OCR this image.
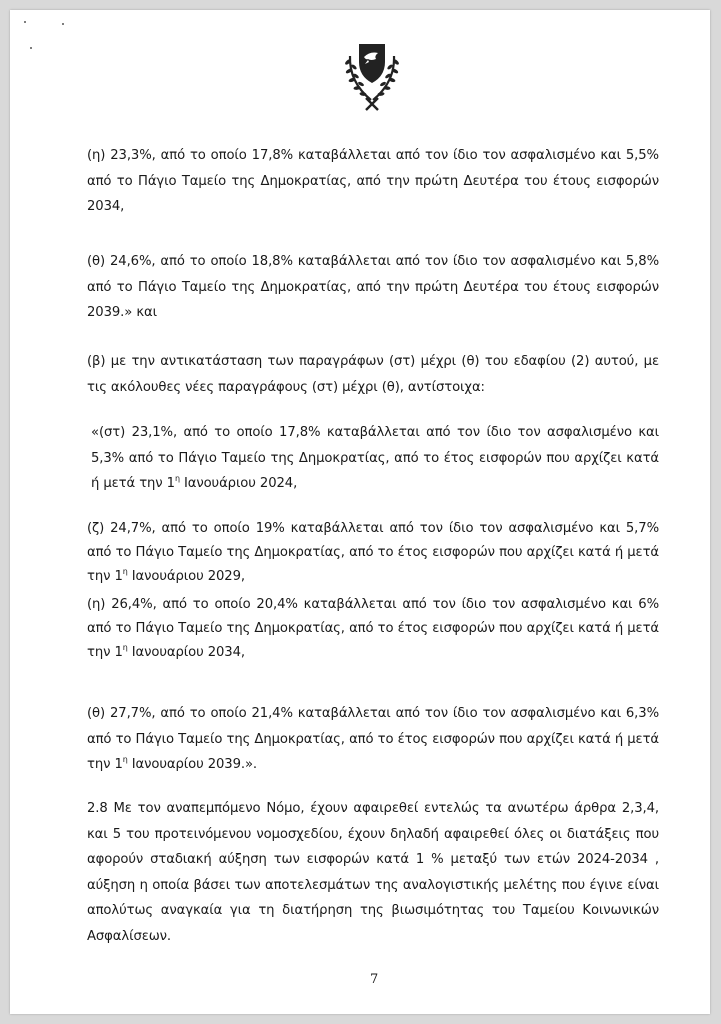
(η) 23,3%, από το οποίο 17,8% καταβάλλεται από τον ίδιο τον ασφαλισμένο και 5,5% από το Πάγιο Ταμείο της Δημοκρατίας, από την πρώτη Δευτέρα του έτους εισφορών 2034,

(θ) 24,6%, από το οποίο 18,8% καταβάλλεται από τον ίδιο τον ασφαλισμένο και 5,8% από το Πάγιο Ταμείο της Δημοκρατίας, από την πρώτη Δευτέρα του έτους εισφορών 2039.» και

(β) με την αντικατάσταση των παραγράφων (στ) μέχρι (θ) του εδαφίου (2) αυτού, με τις ακόλουθες νέες παραγράφους (στ) μέχρι (θ), αντίστοιχα:

«(στ) 23,1%, από το οποίο 17,8% καταβάλλεται από τον ίδιο τον ασφαλισμένο και 5,3% από το Πάγιο Ταμείο της Δημοκρατίας, από το έτος εισφορών που αρχίζει κατά ή μετά την $1^\eta$ Ιανουάριου 2024,

(ζ) 24,7%, από το οποίο 19% καταβάλλεται από τον ίδιο τον ασφαλισμένο και 5,7% από το Πάγιο Ταμείο της Δημοκρατίας, από το έτος εισφορών που αρχίζει κατά ή μετά την $1^\eta$ Ιανουάριου 2029,

(η) 26,4%, από το οποίο 20,4% καταβάλλεται από τον ίδιο τον ασφαλισμένο και 6% από το Πάγιο Ταμείο της Δημοκρατίας, από το έτος εισφορών που αρχίζει κατά ή μετά την $1^\eta$ Ιανουαρίου 2034,

(θ) 27,7%, από το οποίο 21,4% καταβάλλεται από τον ίδιο τον ασφαλισμένο και 6,3% από το Πάγιο Ταμείο της Δημοκρατίας, από το έτος εισφορών που αρχίζει κατά ή μετά την $1^\eta$ Ιανουαρίου 2039.».

2.8 Με τον αναπεμπόμενο Νόμο, έχουν αφαιρεθεί εντελώς τα ανωτέρω άρθρα 2,3,4, και 5 του προτεινόμενου νομοσχεδίου, έχουν δηλαδή αφαιρεθεί όλες οι διατάξεις που αφορούν σταδιακή αύξηση των εισφορών κατά 1 % μεταξύ των ετών 2024-2034 , αύξηση η οποία βάσει των αποτελεσμάτων της αναλογιστικής μελέτης που έγινε είναι απολύτως αναγκαία για τη διατήρηση της βιωσιμότητας του Ταμείου Κοινωνικών Ασφαλίσεων.

7
